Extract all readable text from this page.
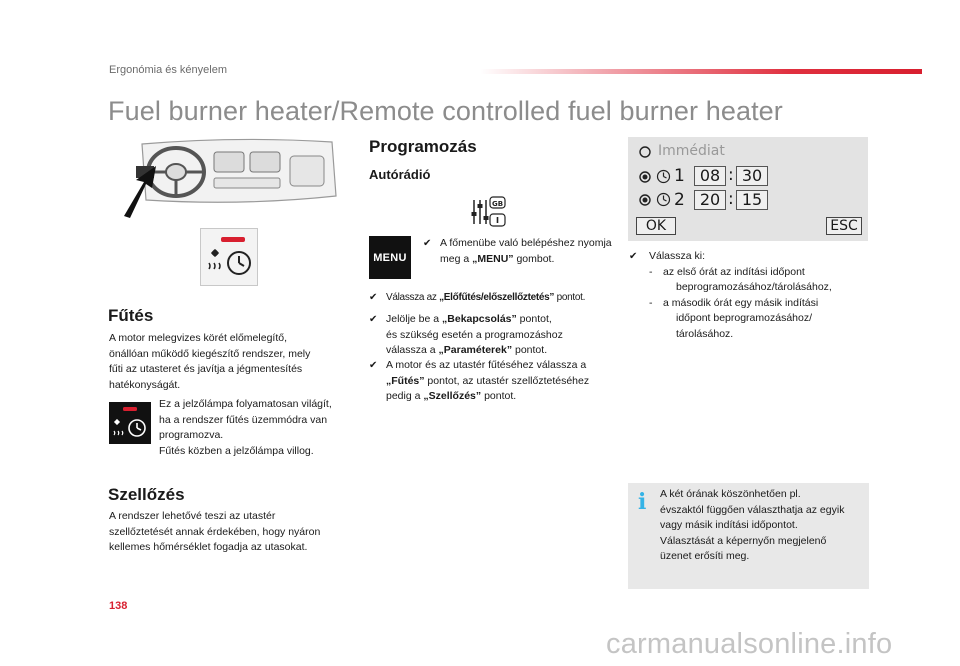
Ergonómia és kényelem
Fuel burner heater/Remote controlled fuel burner heater
Fűtés
A motor melegvizes körét előmelegítő,
önállóan működő kiegészítő rendszer, mely
fűti az utasteret és javítja a jégmentesítés
hatékonyságát.
Ez a jelzőlámpa folyamatosan világít,
ha a rendszer fűtés üzemmódra van
programozva.
Fűtés közben a jelzőlámpa villog.
Szellőzés
A rendszer lehetővé teszi az utastér
szellőztetését annak érdekében, hogy nyáron
kellemes hőmérséklet fogadja az utasokat.
Programozás
Autórádió
GB
MENU
✔ A főmenübe való belépéshez nyomja meg a „MENU” gombot.
✔ Válassza az „Előfűtés/előszellőztetés” pontot.
✔ Jelölje be a „Bekapcsolás” pontot,
és szükség esetén a programozáshoz
válassza a „Paraméterek” pontot.
✔ A motor és az utastér fűtéséhez válassza a
„Fűtés” pontot, az utastér szellőztetéséhez
pedig a „Szellőzés” pontot.
Immédiat
1 08 : 30
2 20 : 15
OK	ESC
✔ Válassza ki:
- az első órát az indítási időpont
beprogramozásához/tárolásához,
- a második órát egy másik indítási
időpont beprogramozásához/
tárolásához.
i A két órának köszönhetően pl.
évszaktól függően választhatja az egyik
vagy másik indítási időpontot.
Választását a képernyőn megjelenő
üzenet erősíti meg.
138
carmanualsonline.info
